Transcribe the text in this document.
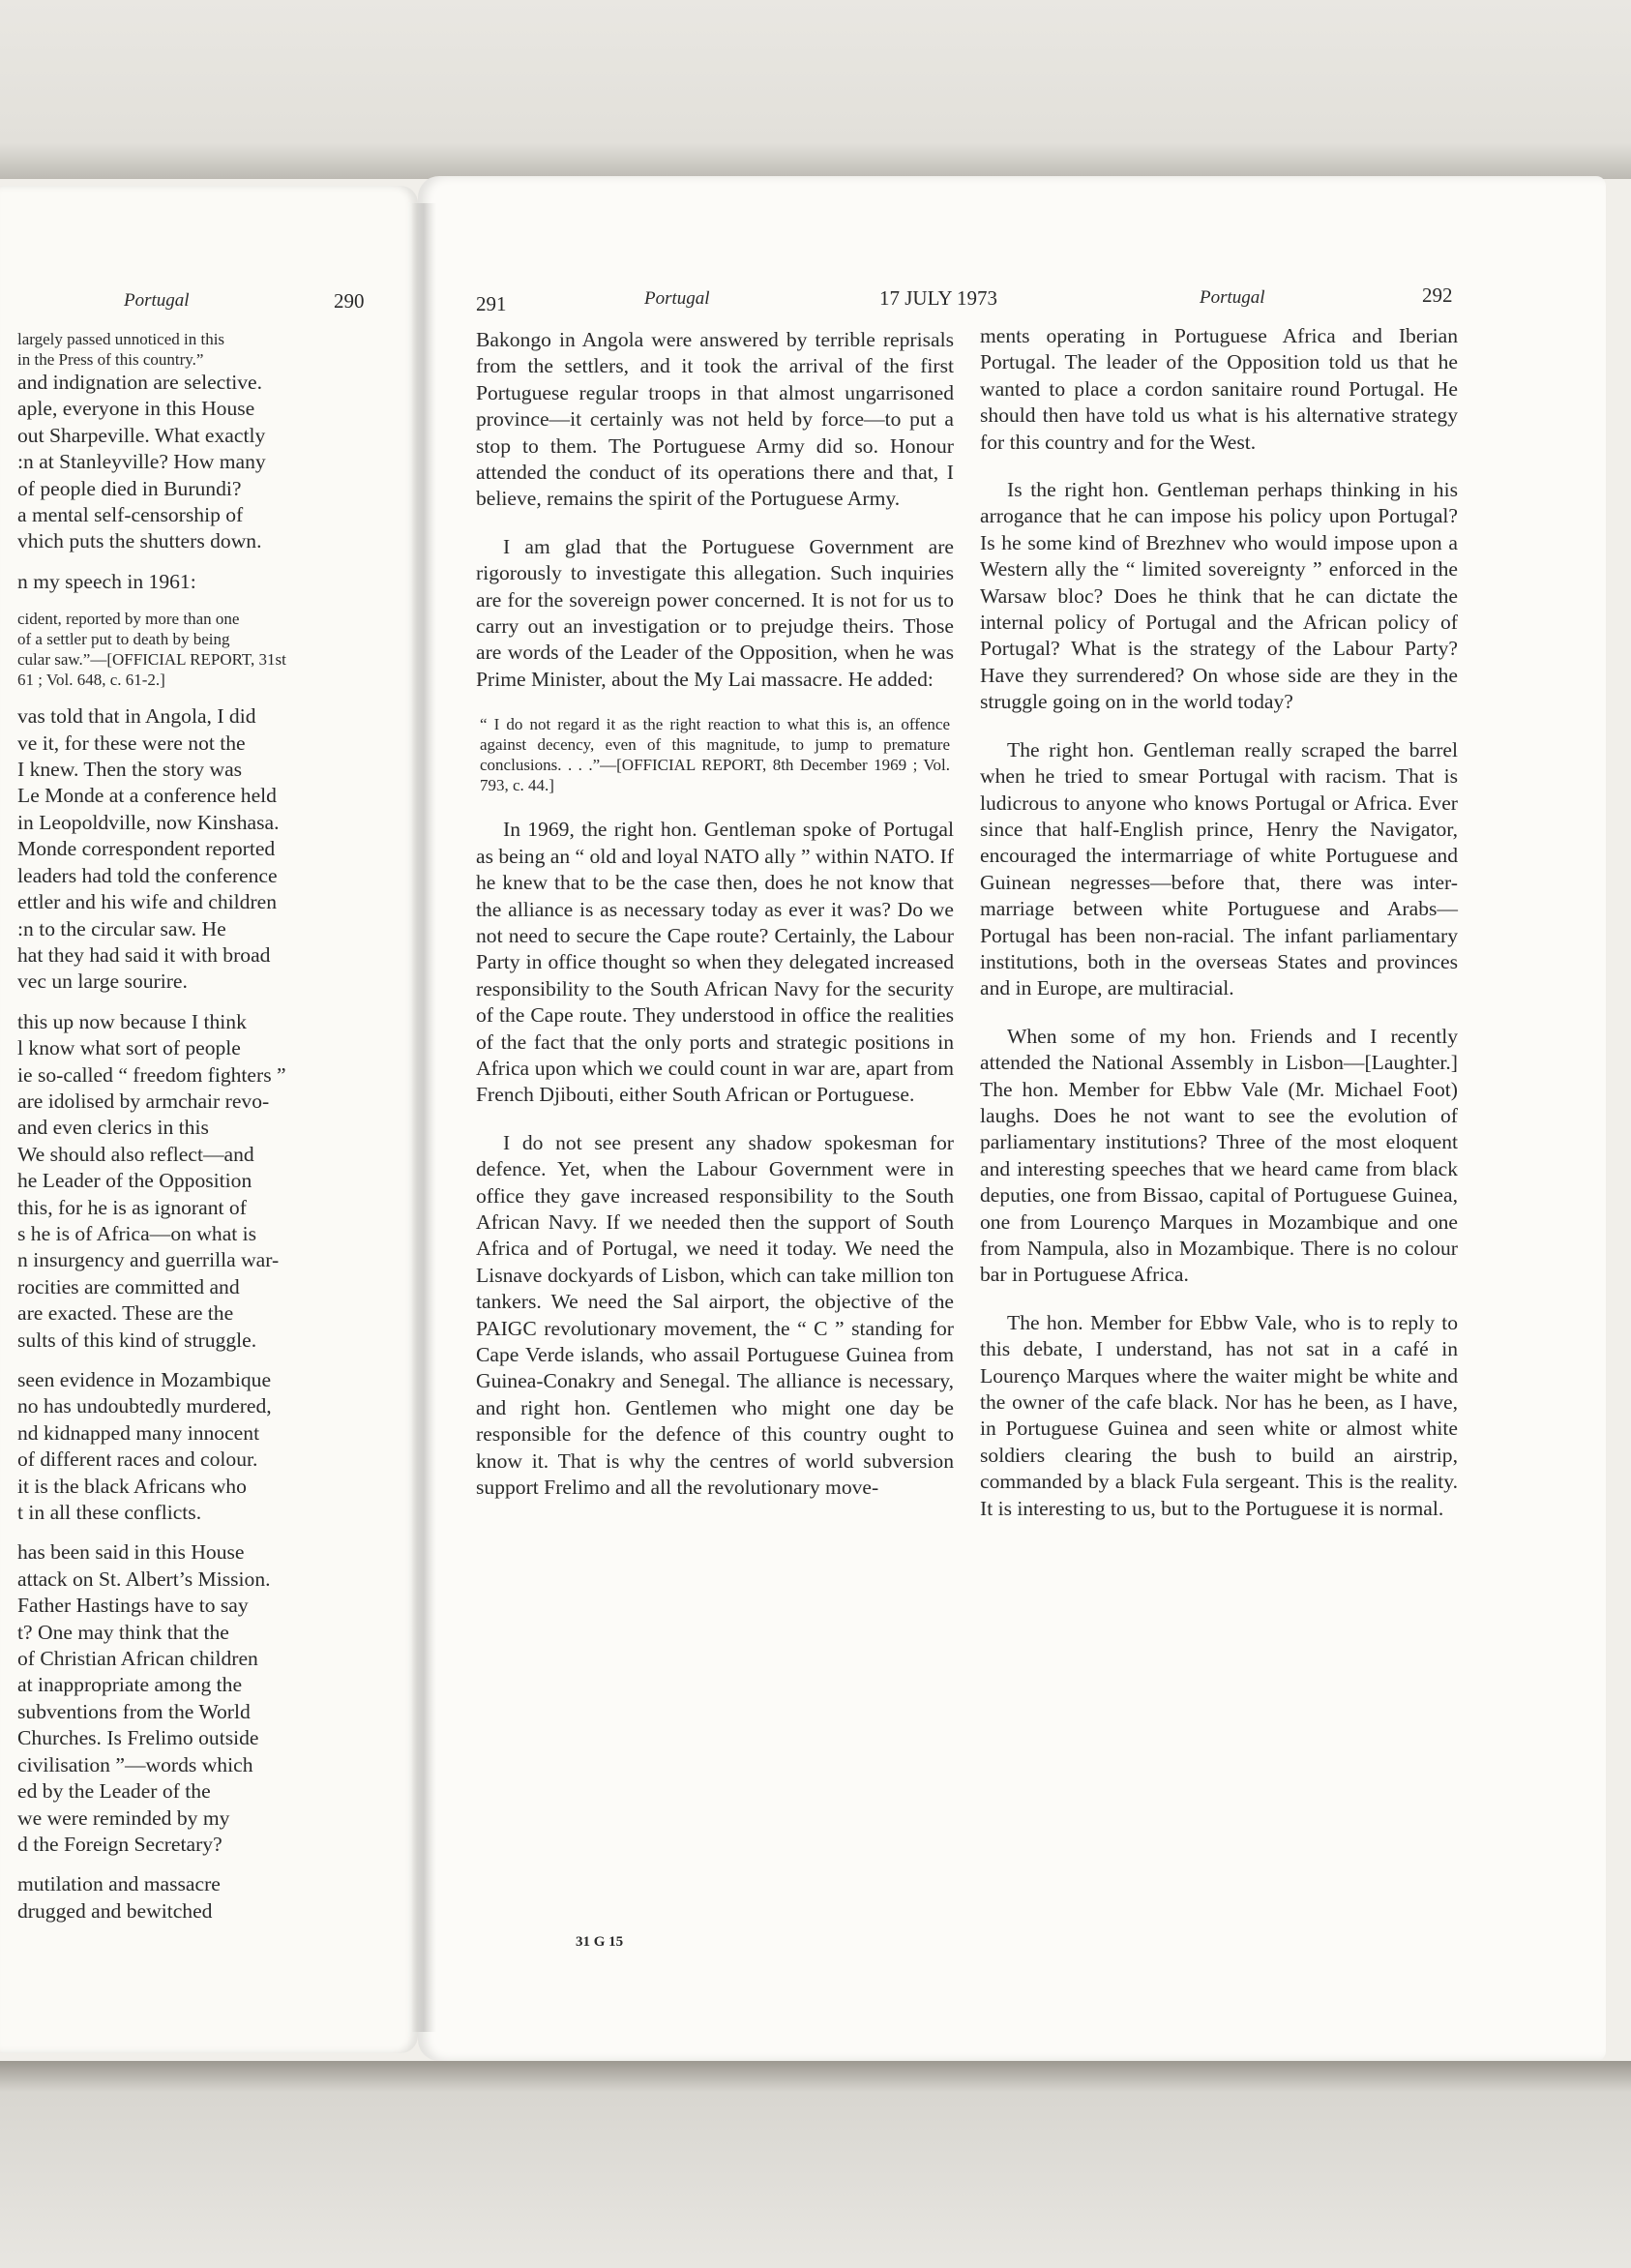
Portugal	290
largely passed unnoticed in this
in the Press of this country.”
and indignation are selective.
aple, everyone in this House
out Sharpeville. What exactly
:n at Stanleyville? How many
of people died in Burundi?
a mental self-censorship of
vhich puts the shutters down.
n my speech in 1961:
cident, reported by more than one
of a settler put to death by being
cular saw.”—[OFFICIAL REPORT, 31st
61 ; Vol. 648, c. 61-2.]
vas told that in Angola, I did
ve it, for these were not the
I knew. Then the story was
Le Monde at a conference held
in Leopoldville, now Kinshasa.
Monde correspondent reported
leaders had told the conference
ettler and his wife and children
:n to the circular saw. He
hat they had said it with broad
vec un large sourire.
this up now because I think
l know what sort of people
ie so-called “ freedom fighters ”
are idolised by armchair revo-
and even clerics in this
We should also reflect—and
he Leader of the Opposition
this, for he is as ignorant of
s he is of Africa—on what is
n insurgency and guerrilla war-
rocities are committed and
are exacted. These are the
sults of this kind of struggle.
seen evidence in Mozambique
no has undoubtedly murdered,
nd kidnapped many innocent
of different races and colour.
it is the black Africans who
t in all these conflicts.
has been said in this House
attack on St. Albert’s Mission.
Father Hastings have to say
t? One may think that the
of Christian African children
at inappropriate among the
subventions from the World
Churches. Is Frelimo outside
civilisation ”—words which
ed by the Leader of the
we were reminded by my
d the Foreign Secretary?
mutilation and massacre
drugged and bewitched
291	Portugal	17 JULY 1973	Portugal	292

Bakongo in Angola were answered by terrible reprisals from the settlers, and it took the arrival of the first Portuguese regular troops in that almost ungarrisoned province—it certainly was not held by force—to put a stop to them. The Portuguese Army did so. Honour attended the conduct of its operations there and that, I believe, remains the spirit of the Portuguese Army.

I am glad that the Portuguese Government are rigorously to investigate this allegation. Such inquiries are for the sovereign power concerned. It is not for us to carry out an investigation or to prejudge theirs. Those are words of the Leader of the Opposition, when he was Prime Minister, about the My Lai massacre. He added:

“ I do not regard it as the right reaction to what this is, an offence against decency, even of this magnitude, to jump to premature conclusions. . . .”—[OFFICIAL REPORT, 8th December 1969 ; Vol. 793, c. 44.]

In 1969, the right hon. Gentleman spoke of Portugal as being an “ old and loyal NATO ally ” within NATO. If he knew that to be the case then, does he not know that the alliance is as necessary today as ever it was? Do we not need to secure the Cape route? Certainly, the Labour Party in office thought so when they delegated increased responsibility to the South African Navy for the security of the Cape route. They understood in office the realities of the fact that the only ports and strategic positions in Africa upon which we could count in war are, apart from French Djibouti, either South African or Portuguese.

I do not see present any shadow spokesman for defence. Yet, when the Labour Government were in office they gave increased responsibility to the South African Navy. If we needed then the support of South Africa and of Portugal, we need it today. We need the Lisnave dockyards of Lisbon, which can take million ton tankers. We need the Sal airport, the objective of the PAIGC revolutionary movement, the “ C ” standing for Cape Verde islands, who assail Portuguese Guinea from Guinea-Conakry and Senegal. The alliance is necessary, and right hon. Gentlemen who might one day be responsible for the defence of this country ought to know it. That is why the centres of world subversion support Frelimo and all the revolutionary move-

ments operating in Portuguese Africa and Iberian Portugal. The leader of the Opposition told us that he wanted to place a cordon sanitaire round Portugal. He should then have told us what is his alternative strategy for this country and for the West.

Is the right hon. Gentleman perhaps thinking in his arrogance that he can impose his policy upon Portugal? Is he some kind of Brezhnev who would impose upon a Western ally the “ limited sovereignty ” enforced in the Warsaw bloc? Does he think that he can dictate the internal policy of Portugal and the African policy of Portugal? What is the strategy of the Labour Party? Have they surrendered? On whose side are they in the struggle going on in the world today?

The right hon. Gentleman really scraped the barrel when he tried to smear Portugal with racism. That is ludicrous to anyone who knows Portugal or Africa. Ever since that half-English prince, Henry the Navigator, encouraged the intermarriage of white Portuguese and Guinean negresses—before that, there was inter-marriage between white Portuguese and Arabs—Portugal has been non-racial. The infant parliamentary institutions, both in the overseas States and provinces and in Europe, are multiracial.

When some of my hon. Friends and I recently attended the National Assembly in Lisbon—[Laughter.] The hon. Member for Ebbw Vale (Mr. Michael Foot) laughs. Does he not want to see the evolution of parliamentary institutions? Three of the most eloquent and interesting speeches that we heard came from black deputies, one from Bissao, capital of Portuguese Guinea, one from Lourenço Marques in Mozambique and one from Nampula, also in Mozambique. There is no colour bar in Portuguese Africa.

The hon. Member for Ebbw Vale, who is to reply to this debate, I understand, has not sat in a café in Lourenço Marques where the waiter might be white and the owner of the cafe black. Nor has he been, as I have, in Portuguese Guinea and seen white or almost white soldiers clearing the bush to build an airstrip, commanded by a black Fula sergeant. This is the reality. It is interesting to us, but to the Portuguese it is normal.

31 G 15
